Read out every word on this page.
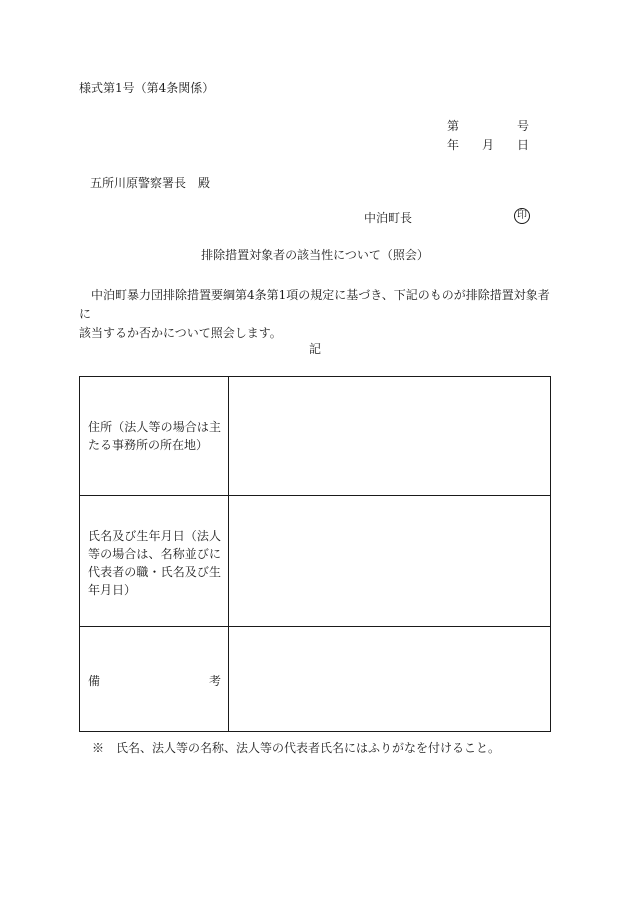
様式第1号（第4条関係）
第	号
年 月 日
五所川原警察署長　殿
中泊町長	印
排除措置対象者の該当性について（照会）
中泊町暴力団排除措置要綱第4条第1項の規定に基づき、下記のものが排除措置対象者に
該当するか否かについて照会します。
記
住所（法人等の場合は主たる事務所の所在地）
氏名及び生年月日（法人等の場合は、名称並びに代表者の職・氏名及び生年月日）
備	考
※　氏名、法人等の名称、法人等の代表者氏名にはふりがなを付けること。
